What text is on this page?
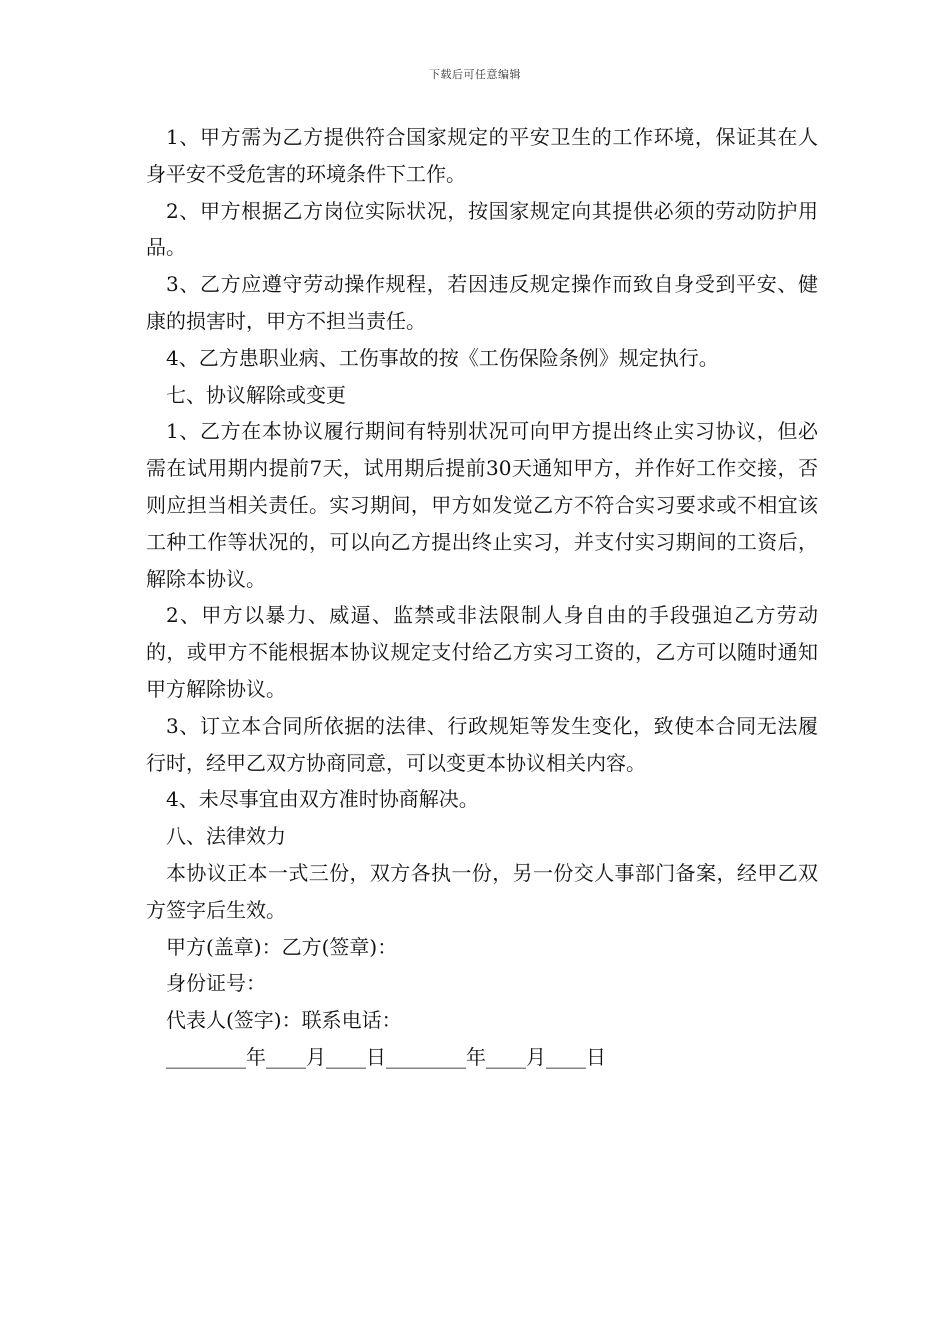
下载后可任意编辑

1、甲方需为乙方提供符合国家规定的平安卫生的工作环境，保证其在人身平安不受危害的环境条件下工作。

2、甲方根据乙方岗位实际状况，按国家规定向其提供必须的劳动防护用品。

3、乙方应遵守劳动操作规程，若因违反规定操作而致自身受到平安、健康的损害时，甲方不担当责任。

4、乙方患职业病、工伤事故的按《工伤保险条例》规定执行。

七、协议解除或变更

1、乙方在本协议履行期间有特别状况可向甲方提出终止实习协议，但必需在试用期内提前7天，试用期后提前30天通知甲方，并作好工作交接，否则应担当相关责任。实习期间，甲方如发觉乙方不符合实习要求或不相宜该工种工作等状况的，可以向乙方提出终止实习，并支付实习期间的工资后，解除本协议。

2、甲方以暴力、威逼、监禁或非法限制人身自由的手段强迫乙方劳动的，或甲方不能根据本协议规定支付给乙方实习工资的，乙方可以随时通知甲方解除协议。

3、订立本合同所依据的法律、行政规矩等发生变化，致使本合同无法履行时，经甲乙双方协商同意，可以变更本协议相关内容。

4、未尽事宜由双方准时协商解决。

八、法律效力

本协议正本一式三份，双方各执一份，另一份交人事部门备案，经甲乙双方签字后生效。

甲方(盖章)：乙方(签章)：

身份证号：

代表人(签字)：联系电话：

________年____月____日________年____月____日
